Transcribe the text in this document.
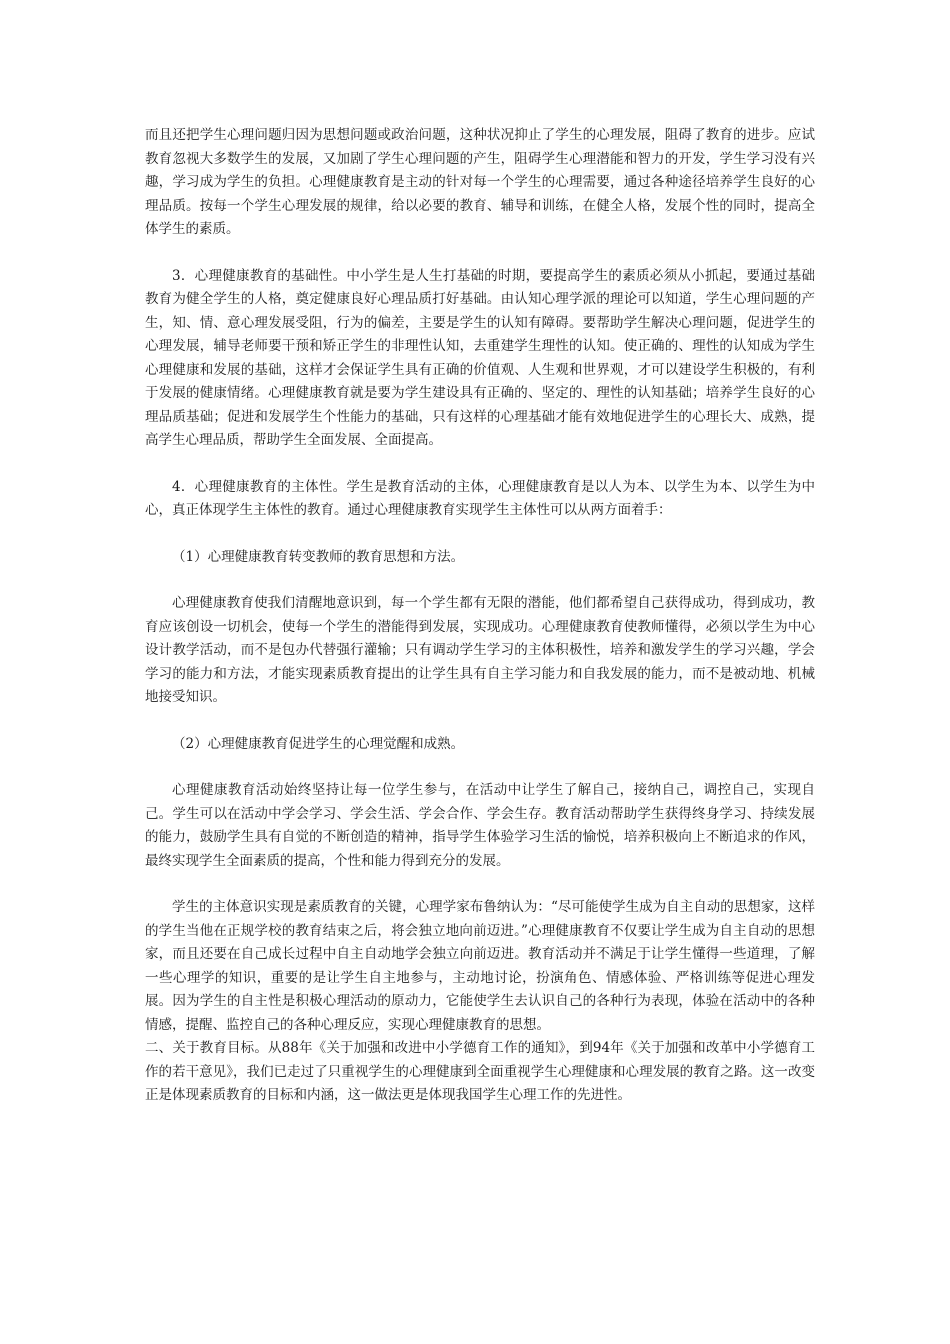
而且还把学生心理问题归因为思想问题或政治问题，这种状况抑止了学生的心理发展，阻碍了教育的进步。应试教育忽视大多数学生的发展，又加剧了学生心理问题的产生，阻碍学生心理潜能和智力的开发，学生学习没有兴趣，学习成为学生的负担。心理健康教育是主动的针对每一个学生的心理需要，通过各种途径培养学生良好的心理品质。按每一个学生心理发展的规律，给以必要的教育、辅导和训练，在健全人格，发展个性的同时，提高全体学生的素质。

3．心理健康教育的基础性。中小学生是人生打基础的时期，要提高学生的素质必须从小抓起，要通过基础教育为健全学生的人格，奠定健康良好心理品质打好基础。由认知心理学派的理论可以知道，学生心理问题的产生，知、情、意心理发展受阻，行为的偏差，主要是学生的认知有障碍。要帮助学生解决心理问题，促进学生的心理发展，辅导老师要干预和矫正学生的非理性认知，去重建学生理性的认知。使正确的、理性的认知成为学生心理健康和发展的基础，这样才会保证学生具有正确的价值观、人生观和世界观，才可以建设学生积极的，有利于发展的健康情绪。心理健康教育就是要为学生建设具有正确的、坚定的、理性的认知基础；培养学生良好的心理品质基础；促进和发展学生个性能力的基础，只有这样的心理基础才能有效地促进学生的心理长大、成熟，提高学生心理品质，帮助学生全面发展、全面提高。

4．心理健康教育的主体性。学生是教育活动的主体，心理健康教育是以人为本、以学生为本、以学生为中心，真正体现学生主体性的教育。通过心理健康教育实现学生主体性可以从两方面着手：

（1）心理健康教育转变教师的教育思想和方法。

心理健康教育使我们清醒地意识到，每一个学生都有无限的潜能，他们都希望自己获得成功，得到成功，教育应该创设一切机会，使每一个学生的潜能得到发展，实现成功。心理健康教育使教师懂得，必须以学生为中心设计教学活动，而不是包办代替强行灌输；只有调动学生学习的主体积极性，培养和激发学生的学习兴趣，学会学习的能力和方法，才能实现素质教育提出的让学生具有自主学习能力和自我发展的能力，而不是被动地、机械地接受知识。

（2）心理健康教育促进学生的心理觉醒和成熟。

心理健康教育活动始终坚持让每一位学生参与，在活动中让学生了解自己，接纳自己，调控自己，实现自己。学生可以在活动中学会学习、学会生活、学会合作、学会生存。教育活动帮助学生获得终身学习、持续发展的能力，鼓励学生具有自觉的不断创造的精神，指导学生体验学习生活的愉悦，培养积极向上不断追求的作风，最终实现学生全面素质的提高，个性和能力得到充分的发展。

学生的主体意识实现是素质教育的关键，心理学家布鲁纳认为：“尽可能使学生成为自主自动的思想家，这样的学生当他在正规学校的教育结束之后，将会独立地向前迈进。”心理健康教育不仅要让学生成为自主自动的思想家，而且还要在自己成长过程中自主自动地学会独立向前迈进。教育活动并不满足于让学生懂得一些道理，了解一些心理学的知识，重要的是让学生自主地参与，主动地讨论，扮演角色、情感体验、严格训练等促进心理发展。因为学生的自主性是积极心理活动的原动力，它能使学生去认识自己的各种行为表现，体验在活动中的各种情感，提醒、监控自己的各种心理反应，实现心理健康教育的思想。

二、关于教育目标。从88年《关于加强和改进中小学德育工作的通知》，到94年《关于加强和改革中小学德育工作的若干意见》，我们已走过了只重视学生的心理健康到全面重视学生心理健康和心理发展的教育之路。这一改变正是体现素质教育的目标和内涵，这一做法更是体现我国学生心理工作的先进性。
